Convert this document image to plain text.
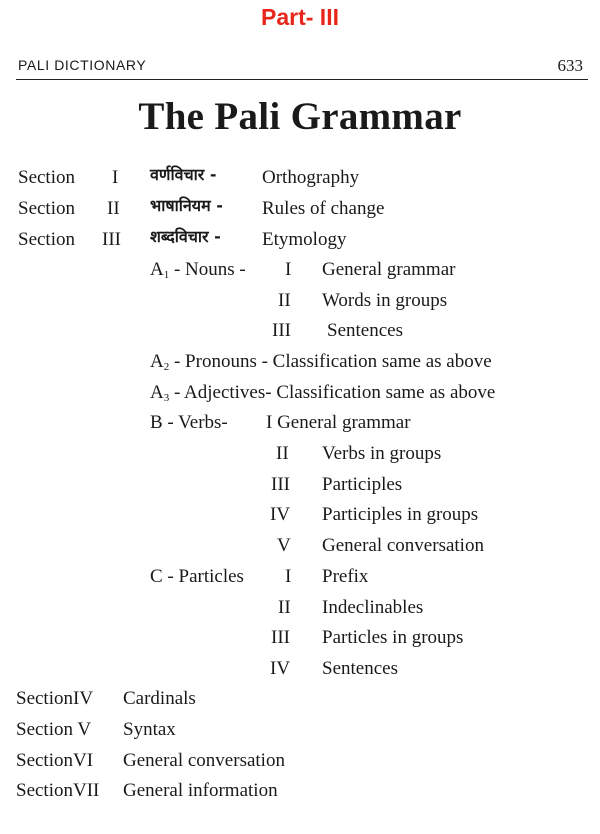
Part- III
PALI DICTIONARY	633
The Pali Grammar
Section I वर्णविचार - Orthography
Section II भाषानियम - Rules of change
Section III शब्दविचार - Etymology
$A_1$ - Nouns - I General grammar
II Words in groups
III Sentences
$A_2$ - Pronouns - Classification same as above
$A_3$ - Adjectives- Classification same as above
B - Verbs- I General grammar
II Verbs in groups
III Participles
IV Participles in groups
V General conversation
C - Particles I Prefix
II Indeclinables
III Particles in groups
IV Sentences
SectionIV Cardinals
Section V Syntax
SectionVI General conversation
SectionVII General information
